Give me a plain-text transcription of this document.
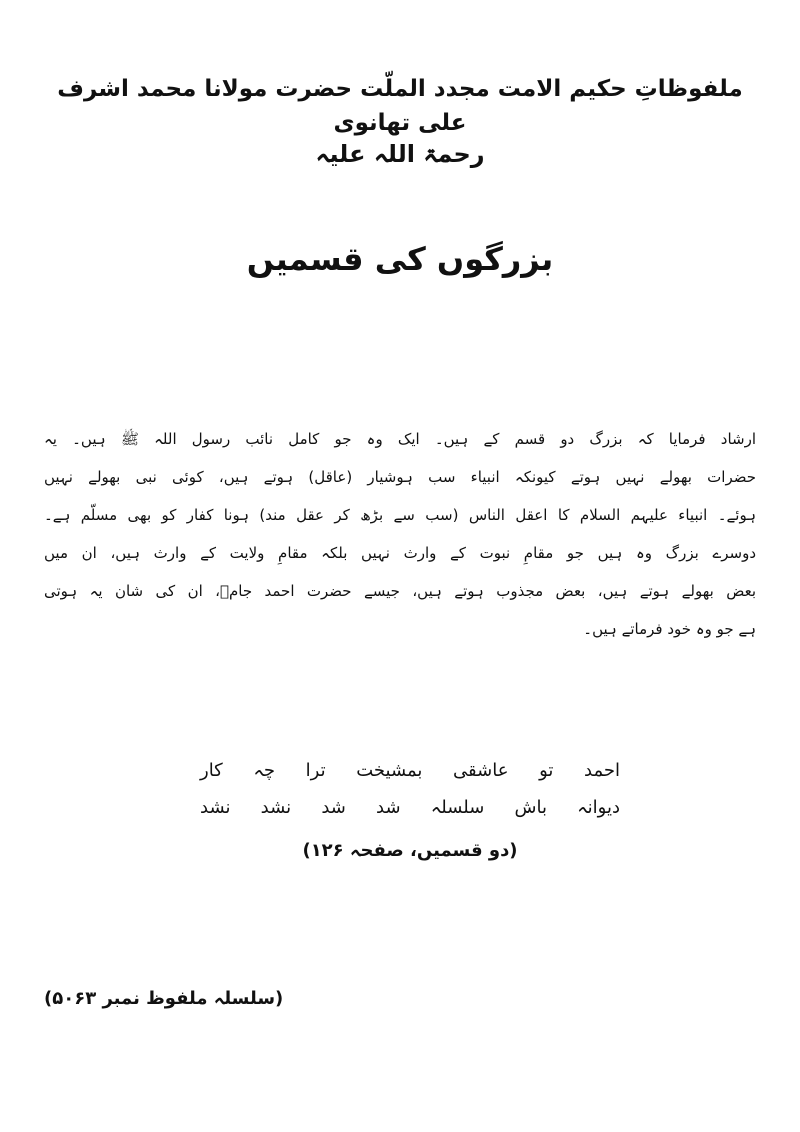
ملفوظاتِ حکیم الامت مجدد الملّت حضرت مولانا محمد اشرف علی تھانوی
رحمۃ اللہ علیہ
بزرگوں کی قسمیں
ارشاد فرمایا کہ بزرگ دو قسم کے ہیں۔ ایک وہ جو کامل نائب رسول اللہ ﷺ ہیں۔ یہ
حضرات بھولے نہیں ہوتے کیونکہ انبیاء سب ہوشیار (عاقل) ہوتے ہیں، کوئی نبی بھولے نہیں
ہوئے۔ انبیاء علیہم السلام کا اعقل الناس (سب سے بڑھ کر عقل مند) ہونا کفار کو بھی مسلّم ہے۔
دوسرے بزرگ وہ ہیں جو مقامِ نبوت کے وارث نہیں بلکہ مقامِ ولایت کے وارث ہیں، ان میں
بعض بھولے ہوتے ہیں، بعض مجذوب ہوتے ہیں، جیسے حضرت احمد جامؒ، ان کی شان یہ ہوتی
ہے جو وہ خود فرماتے ہیں۔
احمد تو عاشقی بمشیخت ترا چہ کار
دیوانہ باش سلسلہ شد شد نشد نشد
(دو قسمیں، صفحہ ۱۲۶)
(سلسلہ ملفوظ نمبر ۵۰۶۳)
